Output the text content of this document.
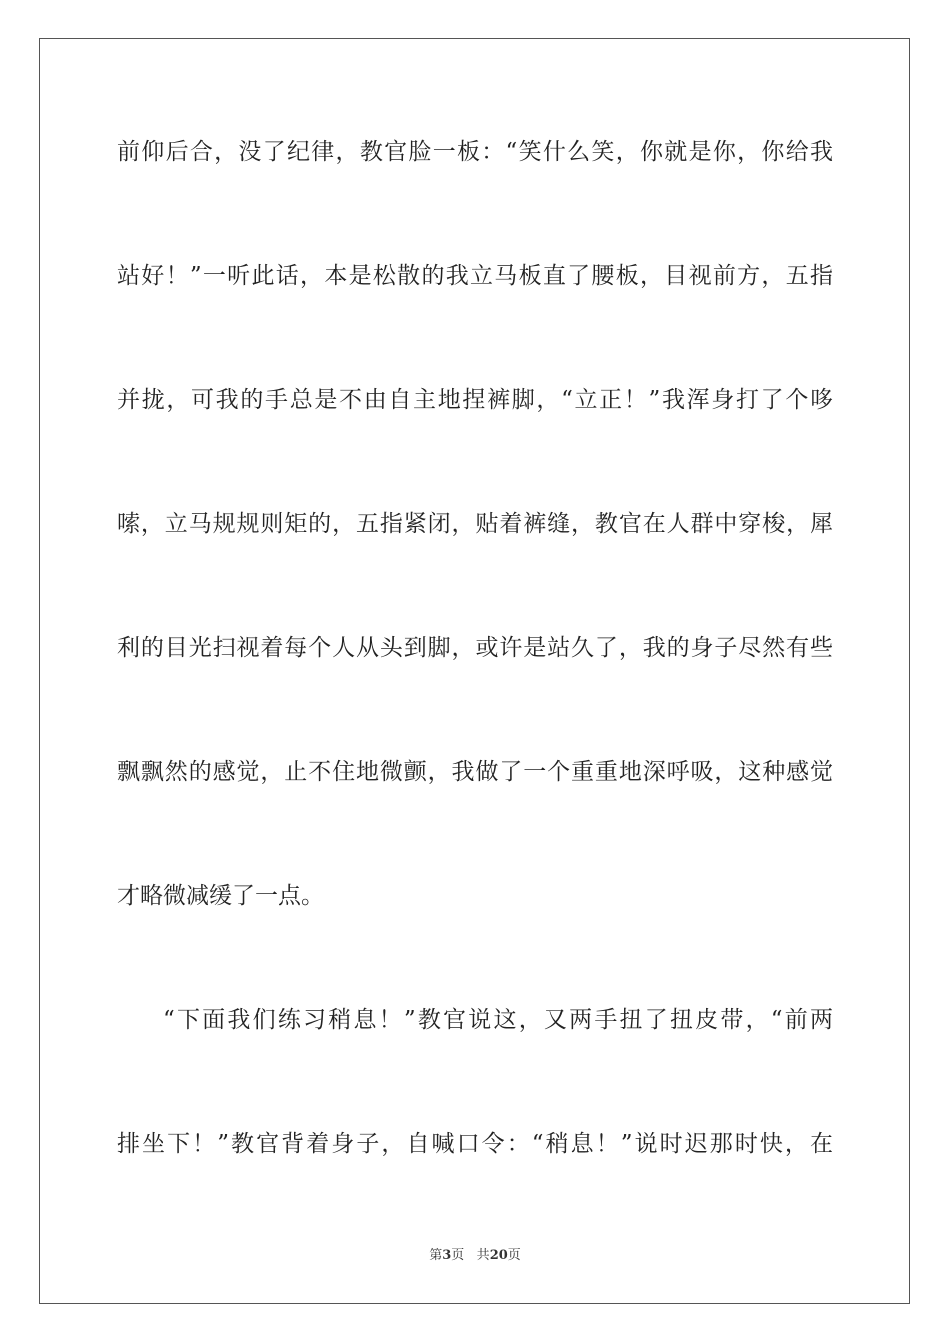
前仰后合，没了纪律，教官脸一板：“笑什么笑，你就是你，你给我
站好！”一听此话，本是松散的我立马板直了腰板，目视前方，五指
并拢，可我的手总是不由自主地捏裤脚，“立正！”我浑身打了个哆
嗦，立马规规则矩的，五指紧闭，贴着裤缝，教官在人群中穿梭，犀
利的目光扫视着每个人从头到脚，或许是站久了，我的身子尽然有些
飘飘然的感觉，止不住地微颤，我做了一个重重地深呼吸，这种感觉
才略微减缓了一点。
“下面我们练习稍息！”教官说这，又两手扭了扭皮带，“前两
排坐下！”教官背着身子，自喊口令：“稍息！”说时迟那时快，在
第3页 共20页
